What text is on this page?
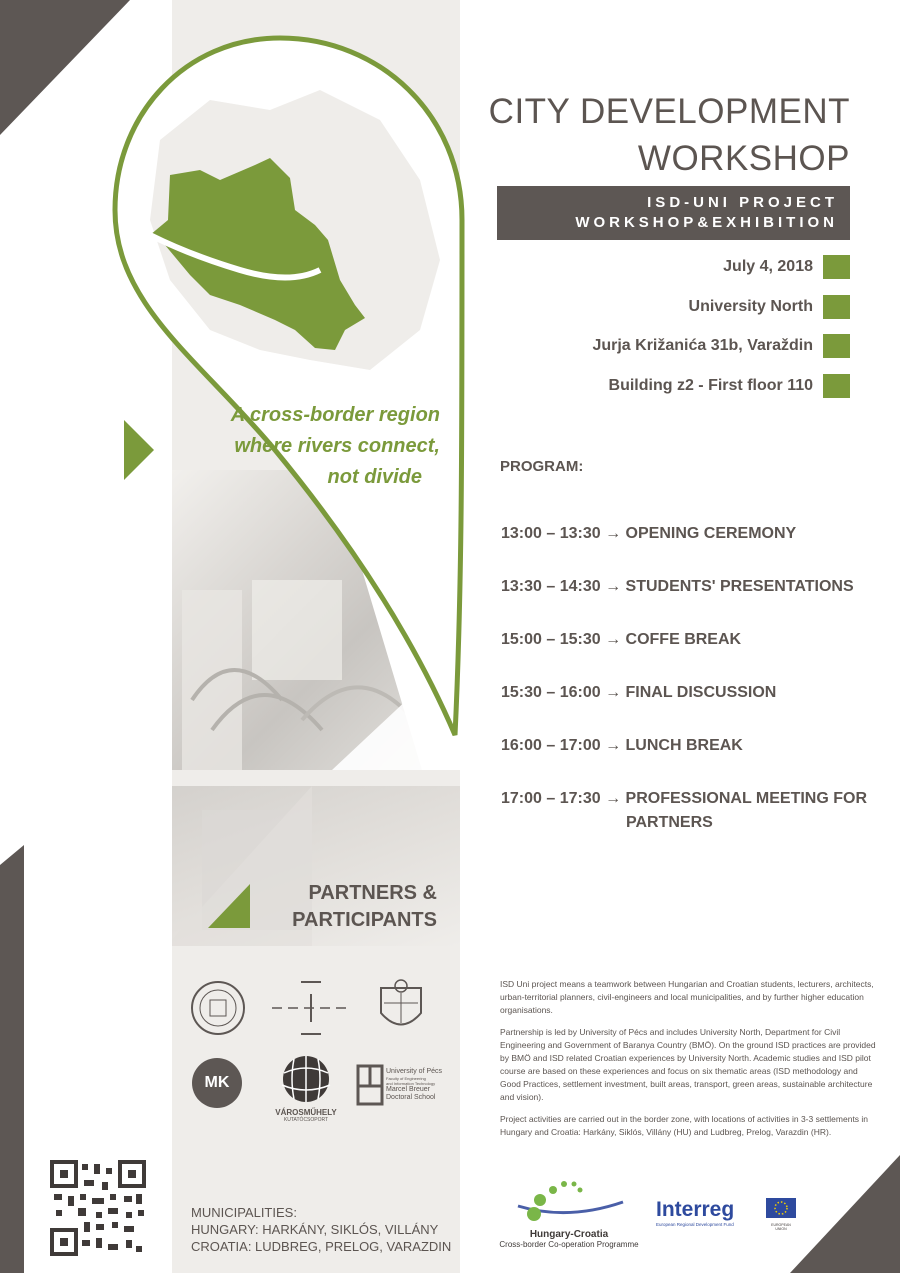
A cross-border region
where rivers connect,
not divide
CITY DEVELOPMENT
WORKSHOP
ISD-UNI PROJECT
WORKSHOP&EXHIBITION
July 4, 2018
University North
Jurja Križanića 31b, Varaždin
Building z2 - First floor 110
PROGRAM:
13:00 – 13:30 → OPENING CEREMONY
13:30 – 14:30 → STUDENTS' PRESENTATIONS
15:00 – 15:30 → COFFE BREAK
15:30 – 16:00 → FINAL DISCUSSION
16:00 – 17:00 → LUNCH BREAK
17:00 – 17:30 → PROFESSIONAL MEETING FOR
PARTNERS
PARTNERS &
PARTICIPANTS
MK
VÁROSMŰHELY
KUTATÓCSOPORT
University of Pécs
Faculty of Engineering
and Information Technology
Marcel Breuer
Doctoral School

ISD Uni project means a teamwork between Hungarian and Croatian students, lecturers, architects, urban-territorial planners, civil-engineers and local municipalities, and by further higher education organisations.

Partnership is led by University of Pécs and includes University North, Department for Civil Engineering and Government of Baranya Country (BMÖ). On the ground ISD practices are provided by BMÖ and ISD related Croatian experiences by University North. Academic studies and ISD pilot course are based on these experiences and focus on six thematic areas (ISD methodology and Good Practices, settlement investment, built areas, transport, green areas, sustainable architecture and vision).

Project activities are carried out in the border zone, with locations of activities in 3-3 settlements in Hungary and Croatia: Harkány, Siklós, Villány (HU) and Ludbreg, Prelog, Varazdin (HR).

MUNICIPALITIES:
HUNGARY: HARKÁNY, SIKLÓS, VILLÁNY
CROATIA: LUDBREG, PRELOG, VARAZDIN
Hungary-Croatia
Cross-border Co-operation Programme
Interreg
European Regional Development Fund	EUROPEAN UNION
